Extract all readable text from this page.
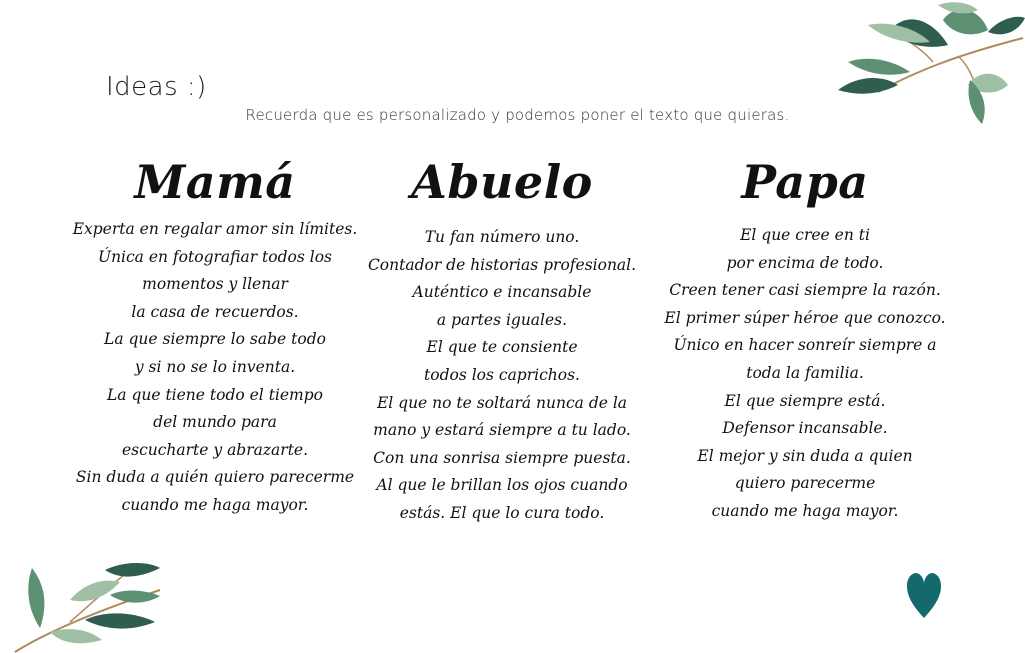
Ideas :)
Recuerda que es personalizado y podemos poner el texto que quieras.
Mamá
Experta en regalar amor sin límites.
Única en fotografiar todos los
momentos y llenar
la casa de recuerdos.
La que siempre lo sabe todo
y si no se lo inventa.
La que tiene todo el tiempo
del mundo para
escucharte y abrazarte.
Sin duda a quién quiero parecerme
cuando me haga mayor.
Abuelo
Tu fan número uno.
Contador de historias profesional.
Auténtico e incansable
a partes iguales.
El que te consiente
todos los caprichos.
El que no te soltará nunca de la
mano y estará siempre a tu lado.
Con una sonrisa siempre puesta.
Al que le brillan los ojos cuando
estás. El que lo cura todo.
Papa
El que cree en ti
por encima de todo.
Creen tener casi siempre la razón.
El primer súper héroe que conozco.
Único en hacer sonreír siempre a
toda la familia.
El que siempre está.
Defensor incansable.
El mejor y sin duda a quien
quiero parecerme
cuando me haga mayor.
